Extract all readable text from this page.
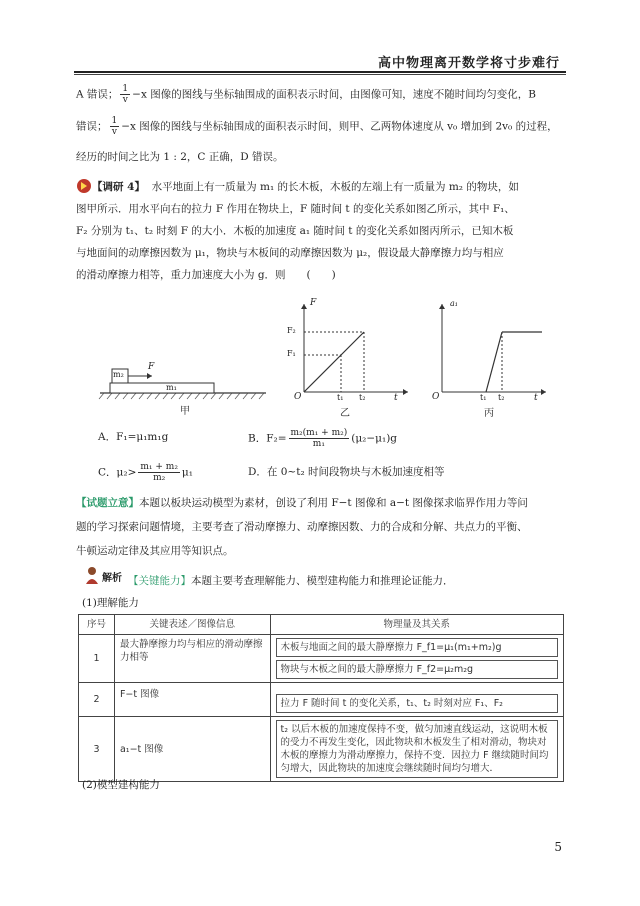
高中物理离开数学将寸步难行
A 错误； $\frac{1}{v} -x$ 图像的图线与坐标轴围成的面积表示时间，由图像可知，速度不随时间均匀变化，B
错误； $\frac{1}{v} -x$ 图像的图线与坐标轴围成的面积表示时间，则甲、乙两物体速度从 v₀ 增加到 2v₀ 的过程，
经历的时间之比为 1 : 2，C 正确，D 错误。
【调研 4】 水平地面上有一质量为 m₁ 的长木板，木板的左端上有一质量为 m₂ 的物块，如
图甲所示．用水平向右的拉力 F 作用在物块上，F 随时间 t 的变化关系如图乙所示，其中 F₁、
F₂ 分别为 t₁、t₂ 时刻 F 的大小．木板的加速度 a₁ 随时间 t 的变化关系如图丙所示，已知木板
与地面间的动摩擦因数为 μ₁，物块与木板间的动摩擦因数为 μ₂，假设最大静摩擦力均与相应
的滑动摩擦力相等，重力加速度大小为 g．则　　(　　)
m₂
m₁
F
甲
F
F₂
F₁
O	t₁ t₂	t
乙
a₁
O	t₁ t₂	t
丙
A．F₁=μ₁m₁g	B．$F_2= \frac{\text{m₂(m₁ + m₂)}}{\text{m₁}} (\mu_2-\mu_1)g$
C．$\mu_2> \frac{\text{m₁ + m₂}}{\text{m₂}} \mu_1$	D．在 0~t₂ 时间段物块与木板加速度相等
【试题立意】本题以板块运动模型为素材，创设了利用 F−t 图像和 a−t 图像探求临界作用力等问
题的学习探索问题情境，主要考查了滑动摩擦力、动摩擦因数、力的合成和分解、共点力的平衡、
牛顿运动定律及其应用等知识点。
解析 【关键能力】本题主要考查理解能力、模型建构能力和推理论证能力．
(1)理解能力
序号	关键表述／图像信息	物理量及其关系
1	最大静摩擦力均与相应的滑动摩擦力相等	木板与地面之间的最大静摩擦力 F_f1=μ₁(m₁+m₂)g
物块与木板之间的最大静摩擦力 F_f2=μ₂m₂g

2	F−t 图像	拉力 F 随时间 t 的变化关系，t₁、t₂ 时刻对应 F₁、F₂

3	a₁−t 图像	t₂ 以后木板的加速度保持不变，做匀加速直线运动，这说明木板的受力不再发生变化，因此物块和木板发生了相对滑动，物块对木板的摩擦力为滑动摩擦力，保持不变．因拉力 F 继续随时间均匀增大，因此物块的加速度会继续随时间均匀增大．
(2)模型建构能力
5
